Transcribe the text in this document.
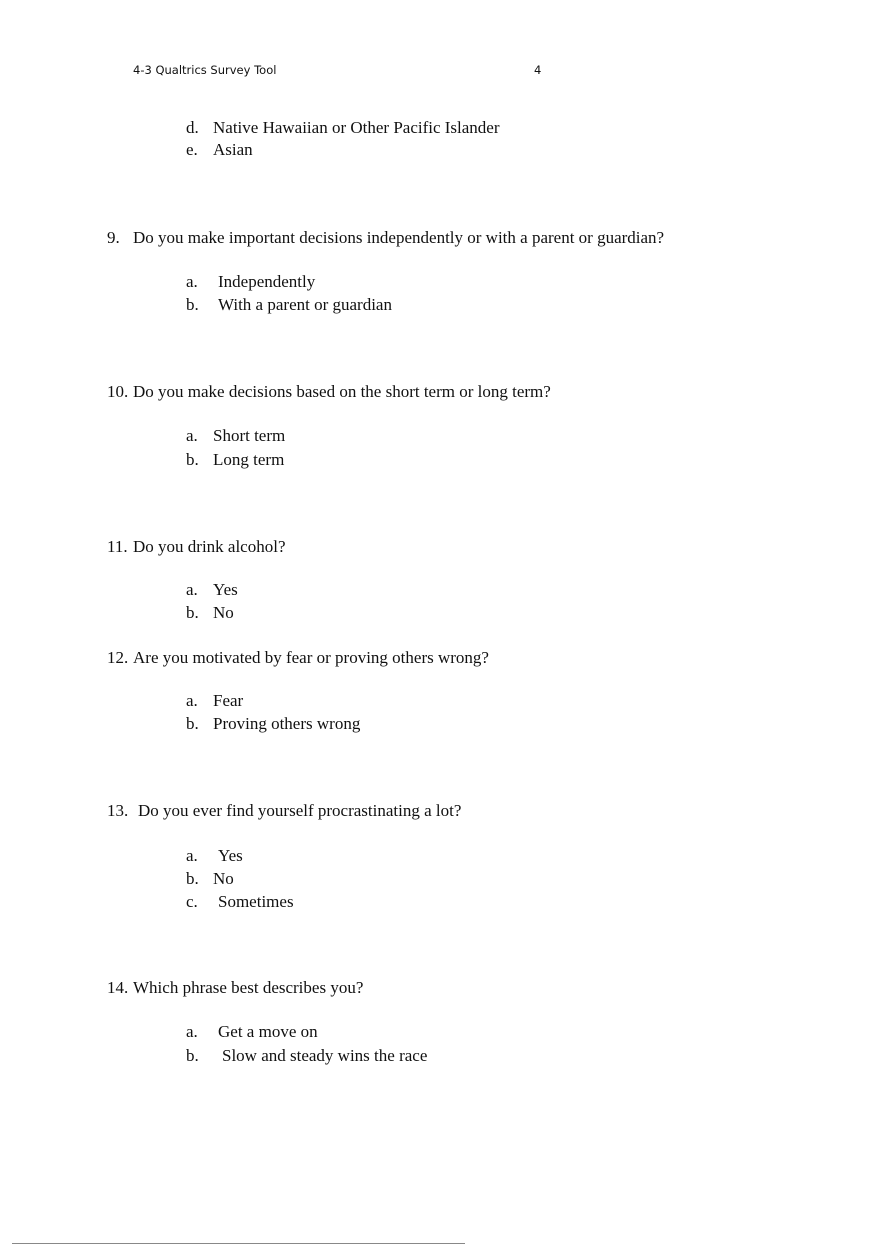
4-3 Qualtrics Survey Tool	4
d. Native Hawaiian or Other Pacific Islander
e. Asian
9. Do you make important decisions independently or with a parent or guardian?
a. Independently
b. With a parent or guardian
10. Do you make decisions based on the short term or long term?
a. Short term
b. Long term
11. Do you drink alcohol?
a. Yes
b. No
12. Are you motivated by fear or proving others wrong?
a. Fear
b. Proving others wrong
13. Do you ever find yourself procrastinating a lot?
a. Yes
b. No
c. Sometimes
14. Which phrase best describes you?
a. Get a move on
b. Slow and steady wins the race
